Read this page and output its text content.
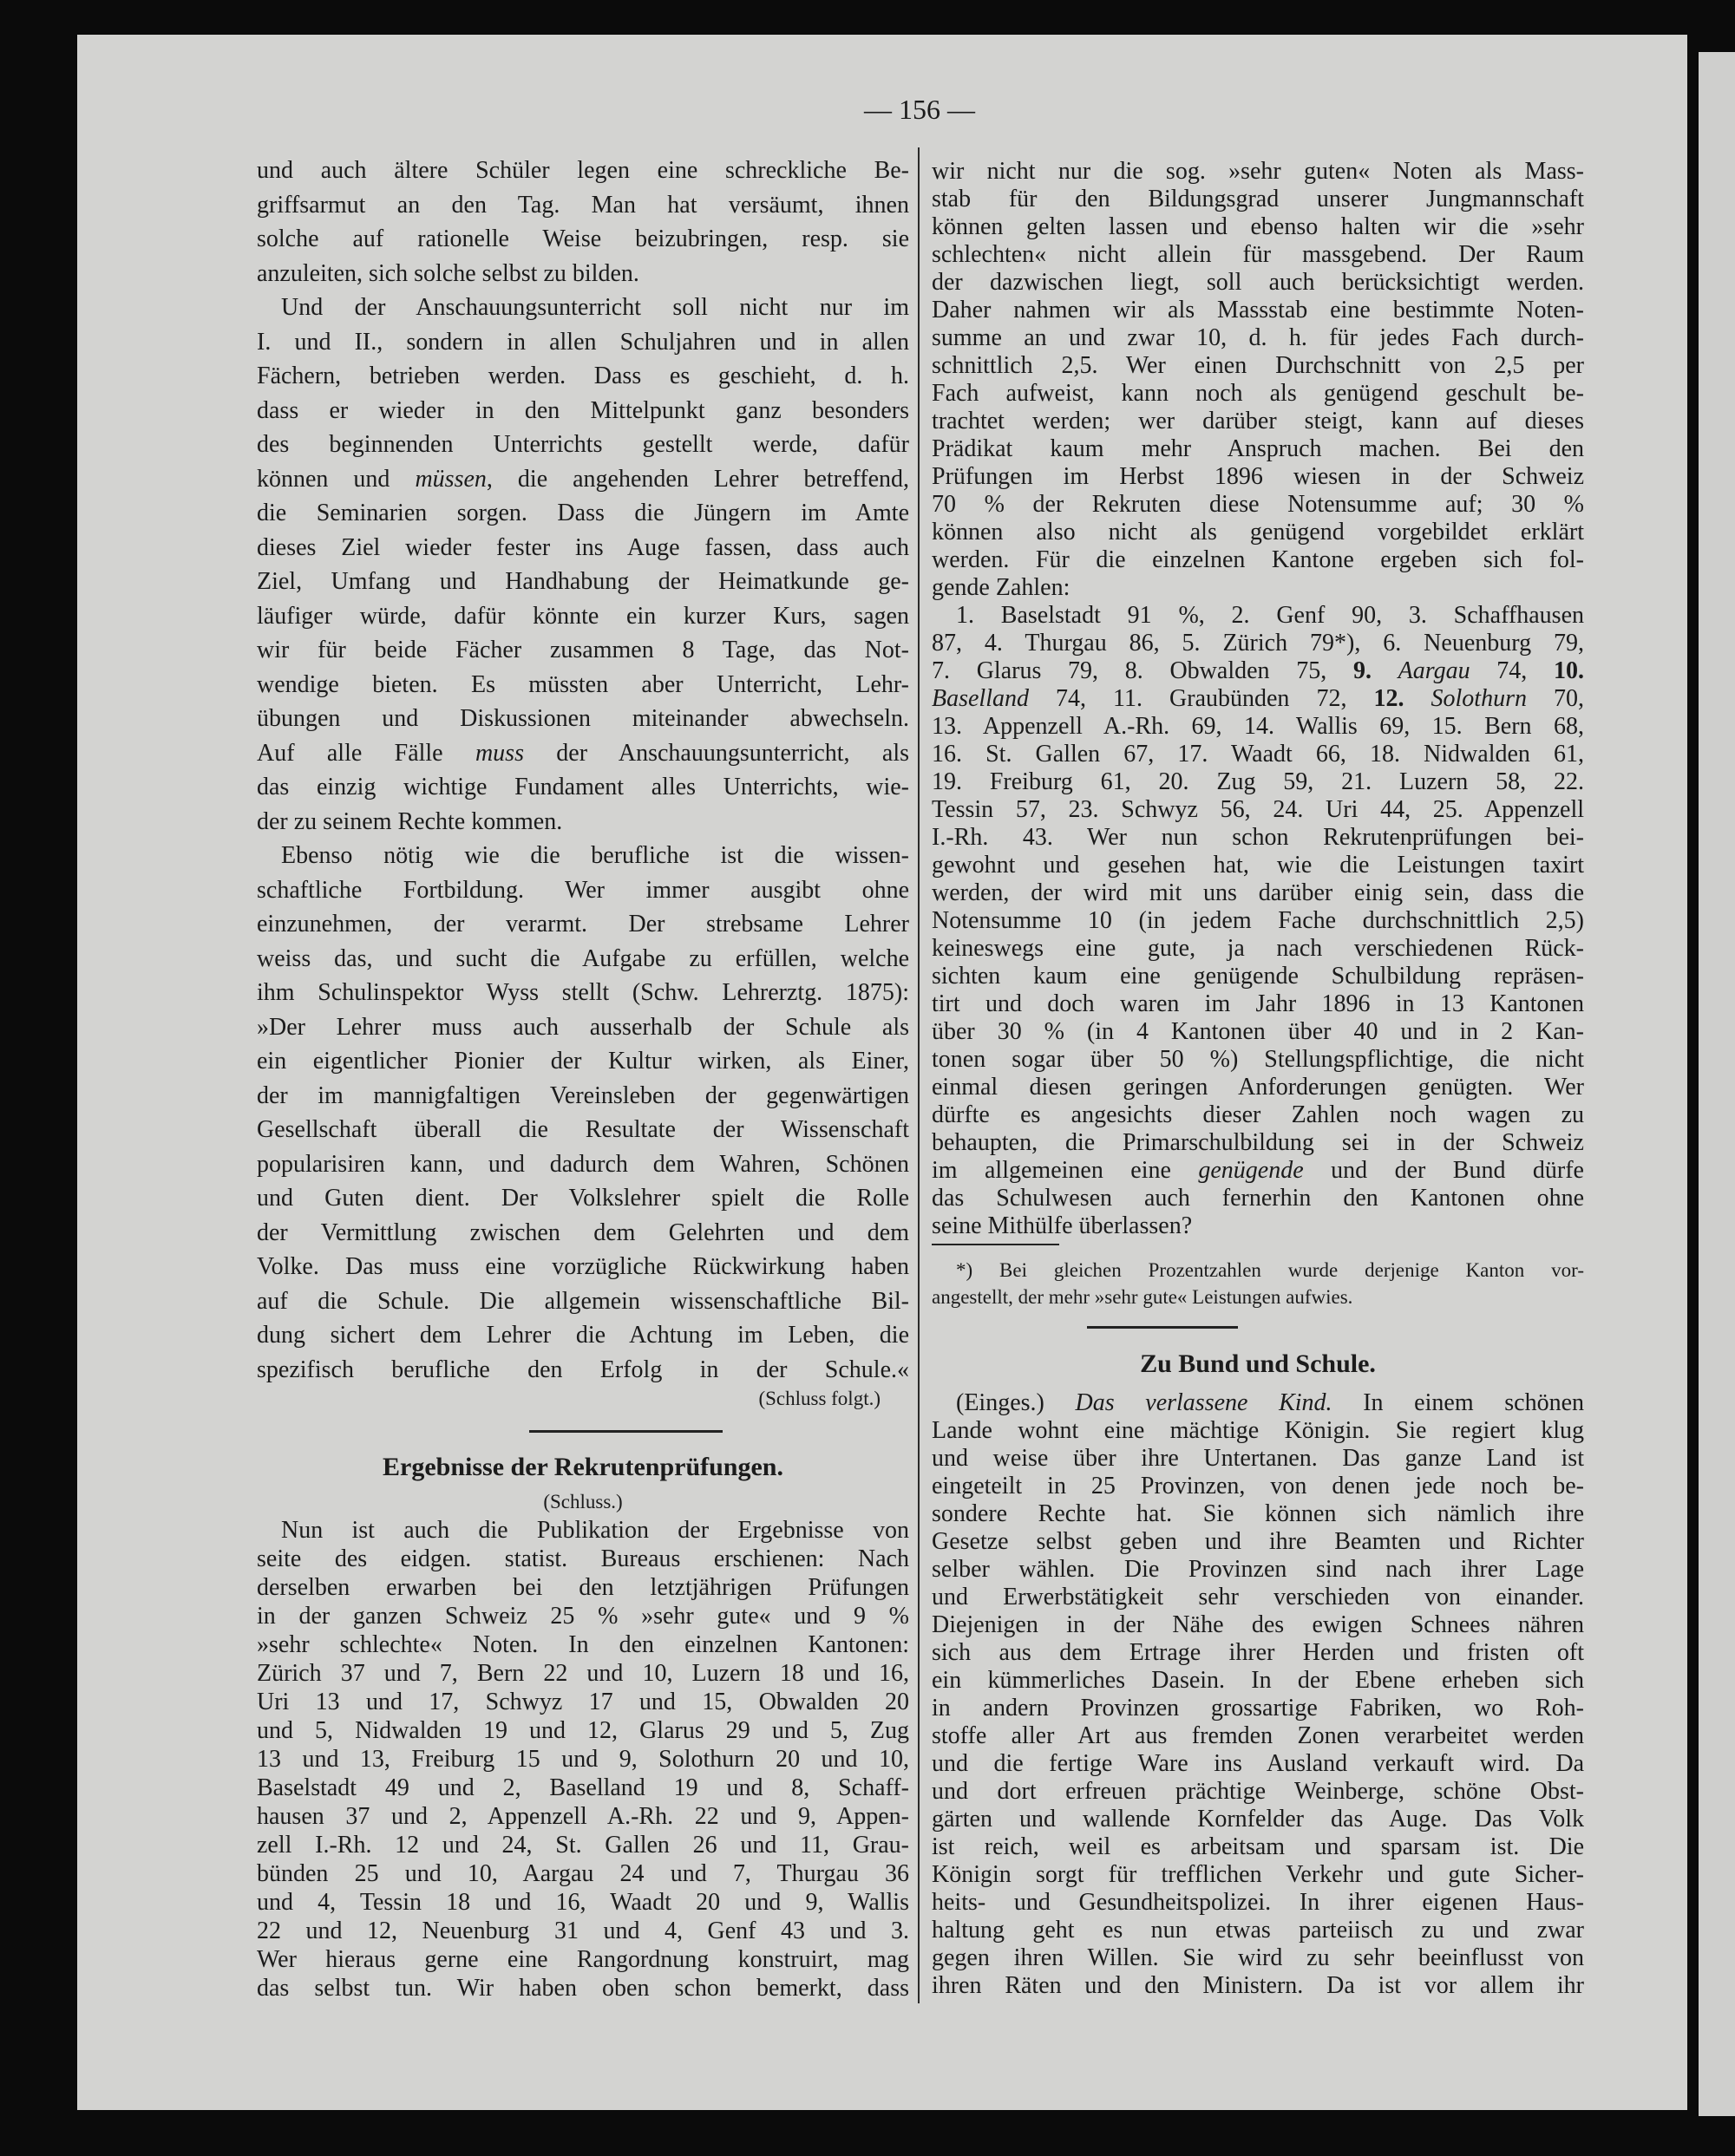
— 156 —
und auch ältere Schüler legen eine schreckliche Be-
griffsarmut an den Tag. Man hat versäumt, ihnen
solche auf rationelle Weise beizubringen, resp. sie
anzuleiten, sich solche selbst zu bilden.
Und der Anschauungsunterricht soll nicht nur im
I. und II., sondern in allen Schuljahren und in allen
Fächern, betrieben werden. Dass es geschieht, d. h.
dass er wieder in den Mittelpunkt ganz besonders
des beginnenden Unterrichts gestellt werde, dafür
können und müssen, die angehenden Lehrer betreffend,
die Seminarien sorgen. Dass die Jüngern im Amte
dieses Ziel wieder fester ins Auge fassen, dass auch
Ziel, Umfang und Handhabung der Heimatkunde ge-
läufiger würde, dafür könnte ein kurzer Kurs, sagen
wir für beide Fächer zusammen 8 Tage, das Not-
wendige bieten. Es müssten aber Unterricht, Lehr-
übungen und Diskussionen miteinander abwechseln.
Auf alle Fälle muss der Anschauungsunterricht, als
das einzig wichtige Fundament alles Unterrichts, wie-
der zu seinem Rechte kommen.
Ebenso nötig wie die berufliche ist die wissen-
schaftliche Fortbildung. Wer immer ausgibt ohne
einzunehmen, der verarmt. Der strebsame Lehrer
weiss das, und sucht die Aufgabe zu erfüllen, welche
ihm Schulinspektor Wyss stellt (Schw. Lehrerztg. 1875):
»Der Lehrer muss auch ausserhalb der Schule als
ein eigentlicher Pionier der Kultur wirken, als Einer,
der im mannigfaltigen Vereinsleben der gegenwärtigen
Gesellschaft überall die Resultate der Wissenschaft
popularisiren kann, und dadurch dem Wahren, Schönen
und Guten dient. Der Volkslehrer spielt die Rolle
der Vermittlung zwischen dem Gelehrten und dem
Volke. Das muss eine vorzügliche Rückwirkung haben
auf die Schule. Die allgemein wissenschaftliche Bil-
dung sichert dem Lehrer die Achtung im Leben, die
spezifisch berufliche den Erfolg in der Schule.«
(Schluss folgt.)
Ergebnisse der Rekrutenprüfungen.
(Schluss.)
Nun ist auch die Publikation der Ergebnisse von
seite des eidgen. statist. Bureaus erschienen: Nach
derselben erwarben bei den letztjährigen Prüfungen
in der ganzen Schweiz 25 % »sehr gute« und 9 %
»sehr schlechte« Noten. In den einzelnen Kantonen:
Zürich 37 und 7, Bern 22 und 10, Luzern 18 und 16,
Uri 13 und 17, Schwyz 17 und 15, Obwalden 20
und 5, Nidwalden 19 und 12, Glarus 29 und 5, Zug
13 und 13, Freiburg 15 und 9, Solothurn 20 und 10,
Baselstadt 49 und 2, Baselland 19 und 8, Schaff-
hausen 37 und 2, Appenzell A.-Rh. 22 und 9, Appen-
zell I.-Rh. 12 und 24, St. Gallen 26 und 11, Grau-
bünden 25 und 10, Aargau 24 und 7, Thurgau 36
und 4, Tessin 18 und 16, Waadt 20 und 9, Wallis
22 und 12, Neuenburg 31 und 4, Genf 43 und 3.
Wer hieraus gerne eine Rangordnung konstruirt, mag
das selbst tun. Wir haben oben schon bemerkt, dass
wir nicht nur die sog. »sehr guten« Noten als Mass-
stab für den Bildungsgrad unserer Jungmannschaft
können gelten lassen und ebenso halten wir die »sehr
schlechten« nicht allein für massgebend. Der Raum
der dazwischen liegt, soll auch berücksichtigt werden.
Daher nahmen wir als Massstab eine bestimmte Noten-
summe an und zwar 10, d. h. für jedes Fach durch-
schnittlich 2,5. Wer einen Durchschnitt von 2,5 per
Fach aufweist, kann noch als genügend geschult be-
trachtet werden; wer darüber steigt, kann auf dieses
Prädikat kaum mehr Anspruch machen. Bei den
Prüfungen im Herbst 1896 wiesen in der Schweiz
70 % der Rekruten diese Notensumme auf; 30 %
können also nicht als genügend vorgebildet erklärt
werden. Für die einzelnen Kantone ergeben sich fol-
gende Zahlen:
1. Baselstadt 91 %, 2. Genf 90, 3. Schaffhausen
87, 4. Thurgau 86, 5. Zürich 79*), 6. Neuenburg 79,
7. Glarus 79, 8. Obwalden 75, 9. Aargau 74, 10.
Baselland 74, 11. Graubünden 72, 12. Solothurn 70,
13. Appenzell A.-Rh. 69, 14. Wallis 69, 15. Bern 68,
16. St. Gallen 67, 17. Waadt 66, 18. Nidwalden 61,
19. Freiburg 61, 20. Zug 59, 21. Luzern 58, 22.
Tessin 57, 23. Schwyz 56, 24. Uri 44, 25. Appenzell
I.-Rh. 43. Wer nun schon Rekrutenprüfungen bei-
gewohnt und gesehen hat, wie die Leistungen taxirt
werden, der wird mit uns darüber einig sein, dass die
Notensumme 10 (in jedem Fache durchschnittlich 2,5)
keineswegs eine gute, ja nach verschiedenen Rück-
sichten kaum eine genügende Schulbildung repräsen-
tirt und doch waren im Jahr 1896 in 13 Kantonen
über 30 % (in 4 Kantonen über 40 und in 2 Kan-
tonen sogar über 50 %) Stellungspflichtige, die nicht
einmal diesen geringen Anforderungen genügten. Wer
dürfte es angesichts dieser Zahlen noch wagen zu
behaupten, die Primarschulbildung sei in der Schweiz
im allgemeinen eine genügende und der Bund dürfe
das Schulwesen auch fernerhin den Kantonen ohne
seine Mithülfe überlassen?
*) Bei gleichen Prozentzahlen wurde derjenige Kanton vor-
angestellt, der mehr »sehr gute« Leistungen aufwies.
Zu Bund und Schule.
(Einges.) Das verlassene Kind. In einem schönen
Lande wohnt eine mächtige Königin. Sie regiert klug
und weise über ihre Untertanen. Das ganze Land ist
eingeteilt in 25 Provinzen, von denen jede noch be-
sondere Rechte hat. Sie können sich nämlich ihre
Gesetze selbst geben und ihre Beamten und Richter
selber wählen. Die Provinzen sind nach ihrer Lage
und Erwerbstätigkeit sehr verschieden von einander.
Diejenigen in der Nähe des ewigen Schnees nähren
sich aus dem Ertrage ihrer Herden und fristen oft
ein kümmerliches Dasein. In der Ebene erheben sich
in andern Provinzen grossartige Fabriken, wo Roh-
stoffe aller Art aus fremden Zonen verarbeitet werden
und die fertige Ware ins Ausland verkauft wird. Da
und dort erfreuen prächtige Weinberge, schöne Obst-
gärten und wallende Kornfelder das Auge. Das Volk
ist reich, weil es arbeitsam und sparsam ist. Die
Königin sorgt für trefflichen Verkehr und gute Sicher-
heits- und Gesundheitspolizei. In ihrer eigenen Haus-
haltung geht es nun etwas parteiisch zu und zwar
gegen ihren Willen. Sie wird zu sehr beeinflusst von
ihren Räten und den Ministern. Da ist vor allem ihr
